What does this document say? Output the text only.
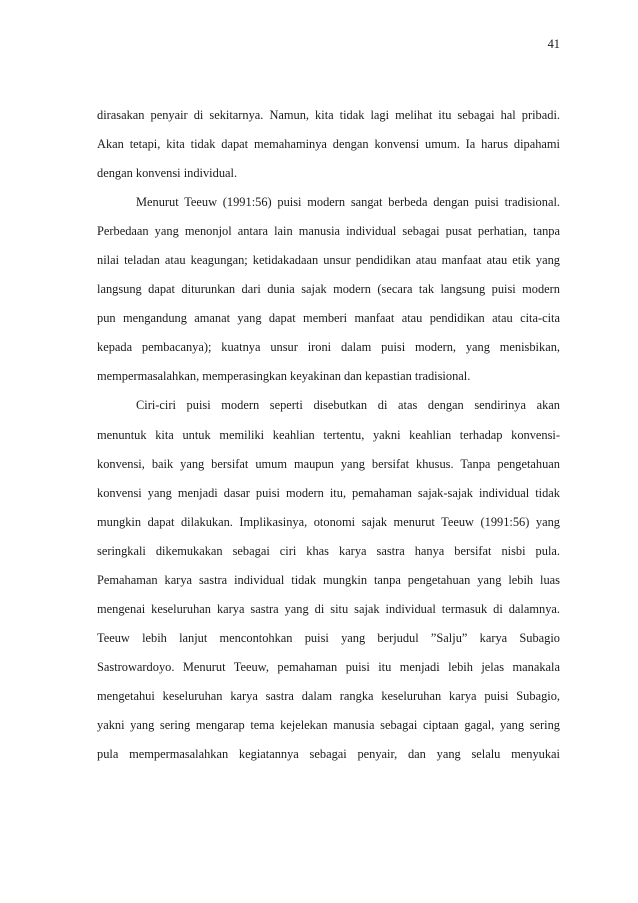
41

dirasakan penyair di sekitarnya. Namun, kita tidak lagi melihat itu sebagai hal pribadi.
Akan tetapi, kita tidak dapat memahaminya dengan konvensi umum. Ia harus dipahami
dengan konvensi individual.

Menurut Teeuw (1991:56) puisi modern sangat berbeda dengan puisi tradisional.
Perbedaan yang menonjol antara lain manusia individual sebagai pusat perhatian, tanpa
nilai teladan atau keagungan; ketidakadaan unsur pendidikan atau manfaat atau etik yang
langsung dapat diturunkan dari dunia sajak modern (secara tak langsung puisi modern
pun mengandung amanat yang dapat memberi manfaat atau pendidikan atau cita-cita
kepada pembacanya); kuatnya unsur ironi dalam puisi modern, yang menisbikan,
mempermasalahkan, memperasingkan keyakinan dan kepastian tradisional.

Ciri-ciri puisi modern seperti disebutkan di atas dengan sendirinya akan
menuntuk kita untuk memiliki keahlian tertentu, yakni keahlian terhadap konvensi-
konvensi, baik yang bersifat umum maupun yang bersifat khusus. Tanpa pengetahuan
konvensi yang menjadi dasar puisi modern itu, pemahaman sajak-sajak individual tidak
mungkin dapat dilakukan. Implikasinya, otonomi sajak menurut Teeuw (1991:56) yang
seringkali dikemukakan sebagai ciri khas karya sastra hanya bersifat nisbi pula.
Pemahaman karya sastra individual tidak mungkin tanpa pengetahuan yang lebih luas
mengenai keseluruhan karya sastra yang di situ sajak individual termasuk di dalamnya.
Teeuw lebih lanjut mencontohkan puisi yang berjudul ”Salju” karya Subagio
Sastrowardoyo. Menurut Teeuw, pemahaman puisi itu menjadi lebih jelas manakala
mengetahui keseluruhan karya sastra dalam rangka keseluruhan karya puisi Subagio,
yakni yang sering mengarap tema kejelekan manusia sebagai ciptaan gagal, yang sering
pula mempermasalahkan kegiatannya sebagai penyair, dan yang selalu menyukai
